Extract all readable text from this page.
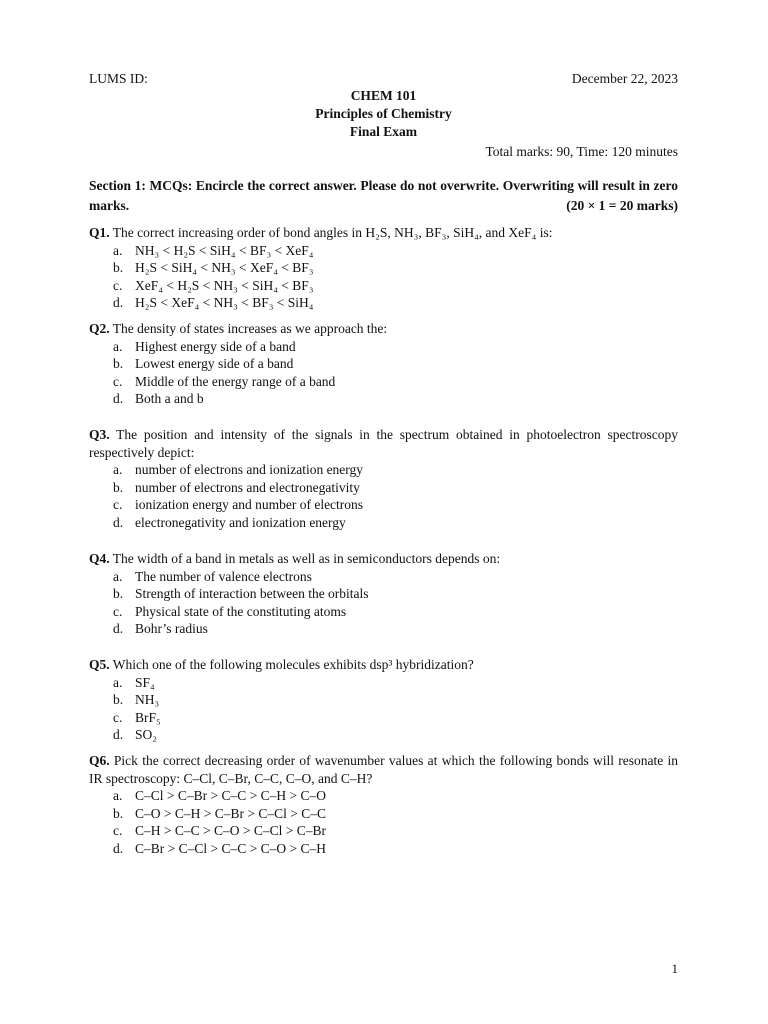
LUMS ID:	December 22, 2023
CHEM 101
Principles of Chemistry
Final Exam
Total marks: 90, Time: 120 minutes
Section 1: MCQs: Encircle the correct answer. Please do not overwrite. Overwriting will result in zero marks.	(20 × 1 = 20 marks)
Q1. The correct increasing order of bond angles in H₂S, NH₃, BF₃, SiH₄, and XeF₄ is:
a. NH₃ < H₂S < SiH₄ < BF₃ < XeF₄
b. H₂S < SiH₄ < NH₃ < XeF₄ < BF₃
c. XeF₄ < H₂S < NH₃ < SiH₄ < BF₃
d. H₂S < XeF₄ < NH₃ < BF₃ < SiH₄
Q2. The density of states increases as we approach the:
a. Highest energy side of a band
b. Lowest energy side of a band
c. Middle of the energy range of a band
d. Both a and b
Q3. The position and intensity of the signals in the spectrum obtained in photoelectron spectroscopy respectively depict:
a. number of electrons and ionization energy
b. number of electrons and electronegativity
c. ionization energy and number of electrons
d. electronegativity and ionization energy
Q4. The width of a band in metals as well as in semiconductors depends on:
a. The number of valence electrons
b. Strength of interaction between the orbitals
c. Physical state of the constituting atoms
d. Bohr’s radius
Q5. Which one of the following molecules exhibits dsp³ hybridization?
a. SF₄
b. NH₃
c. BrF₅
d. SO₂
Q6. Pick the correct decreasing order of wavenumber values at which the following bonds will resonate in IR spectroscopy: C–Cl, C–Br, C–C, C–O, and C–H?
a. C–Cl > C–Br > C–C > C–H > C–O
b. C–O > C–H > C–Br > C–Cl > C–C
c. C–H > C–C > C–O > C–Cl > C–Br
d. C–Br > C–Cl > C–C > C–O > C–H
1
